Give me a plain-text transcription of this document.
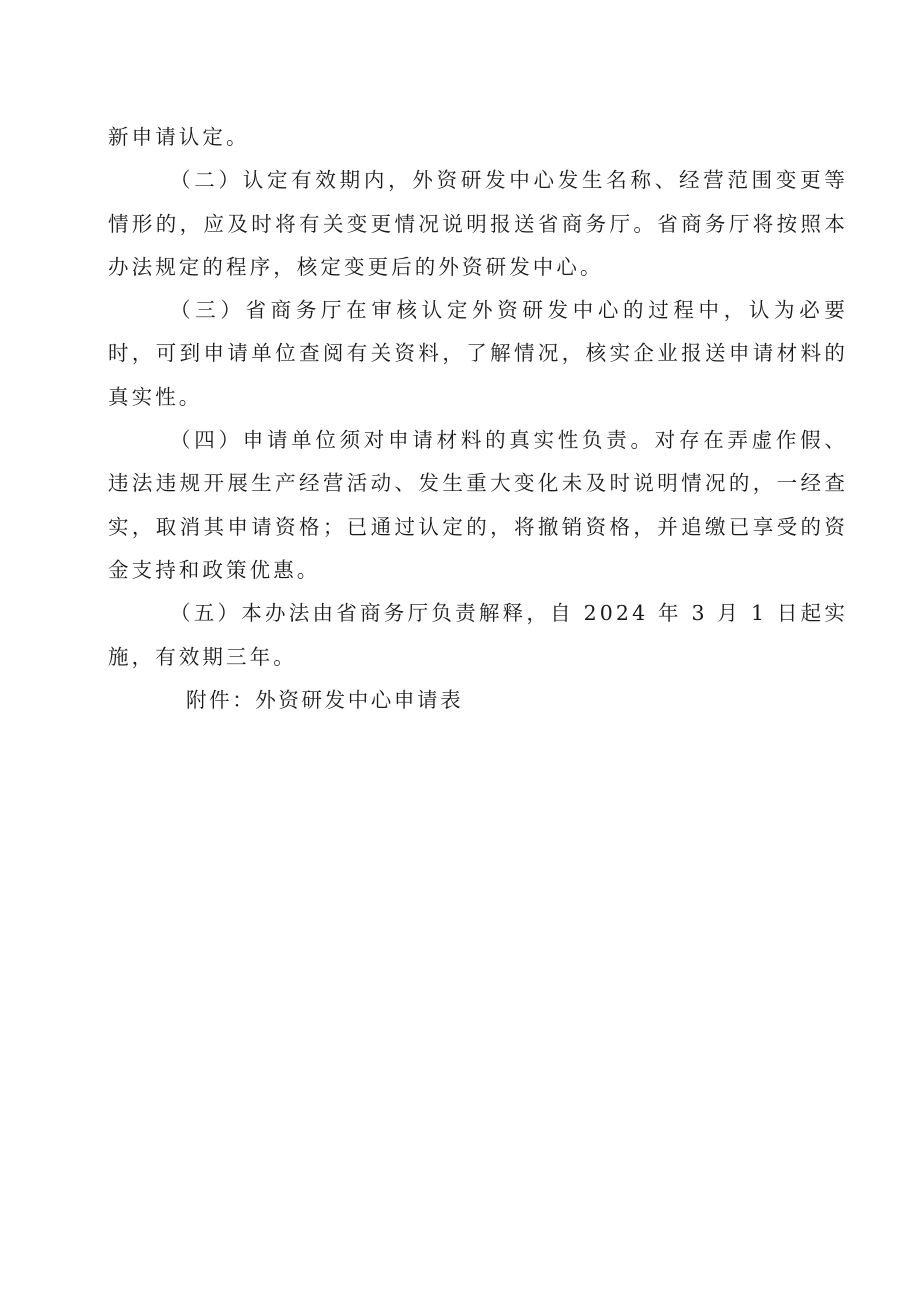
新申请认定。

（二）认定有效期内，外资研发中心发生名称、经营范围变更等情形的，应及时将有关变更情况说明报送省商务厅。省商务厅将按照本办法规定的程序，核定变更后的外资研发中心。

（三）省商务厅在审核认定外资研发中心的过程中，认为必要时，可到申请单位查阅有关资料，了解情况，核实企业报送申请材料的真实性。

（四）申请单位须对申请材料的真实性负责。对存在弄虚作假、违法违规开展生产经营活动、发生重大变化未及时说明情况的，一经查实，取消其申请资格；已通过认定的，将撤销资格，并追缴已享受的资金支持和政策优惠。

（五）本办法由省商务厅负责解释，自 2024 年 3 月 1 日起实施，有效期三年。

附件：外资研发中心申请表
